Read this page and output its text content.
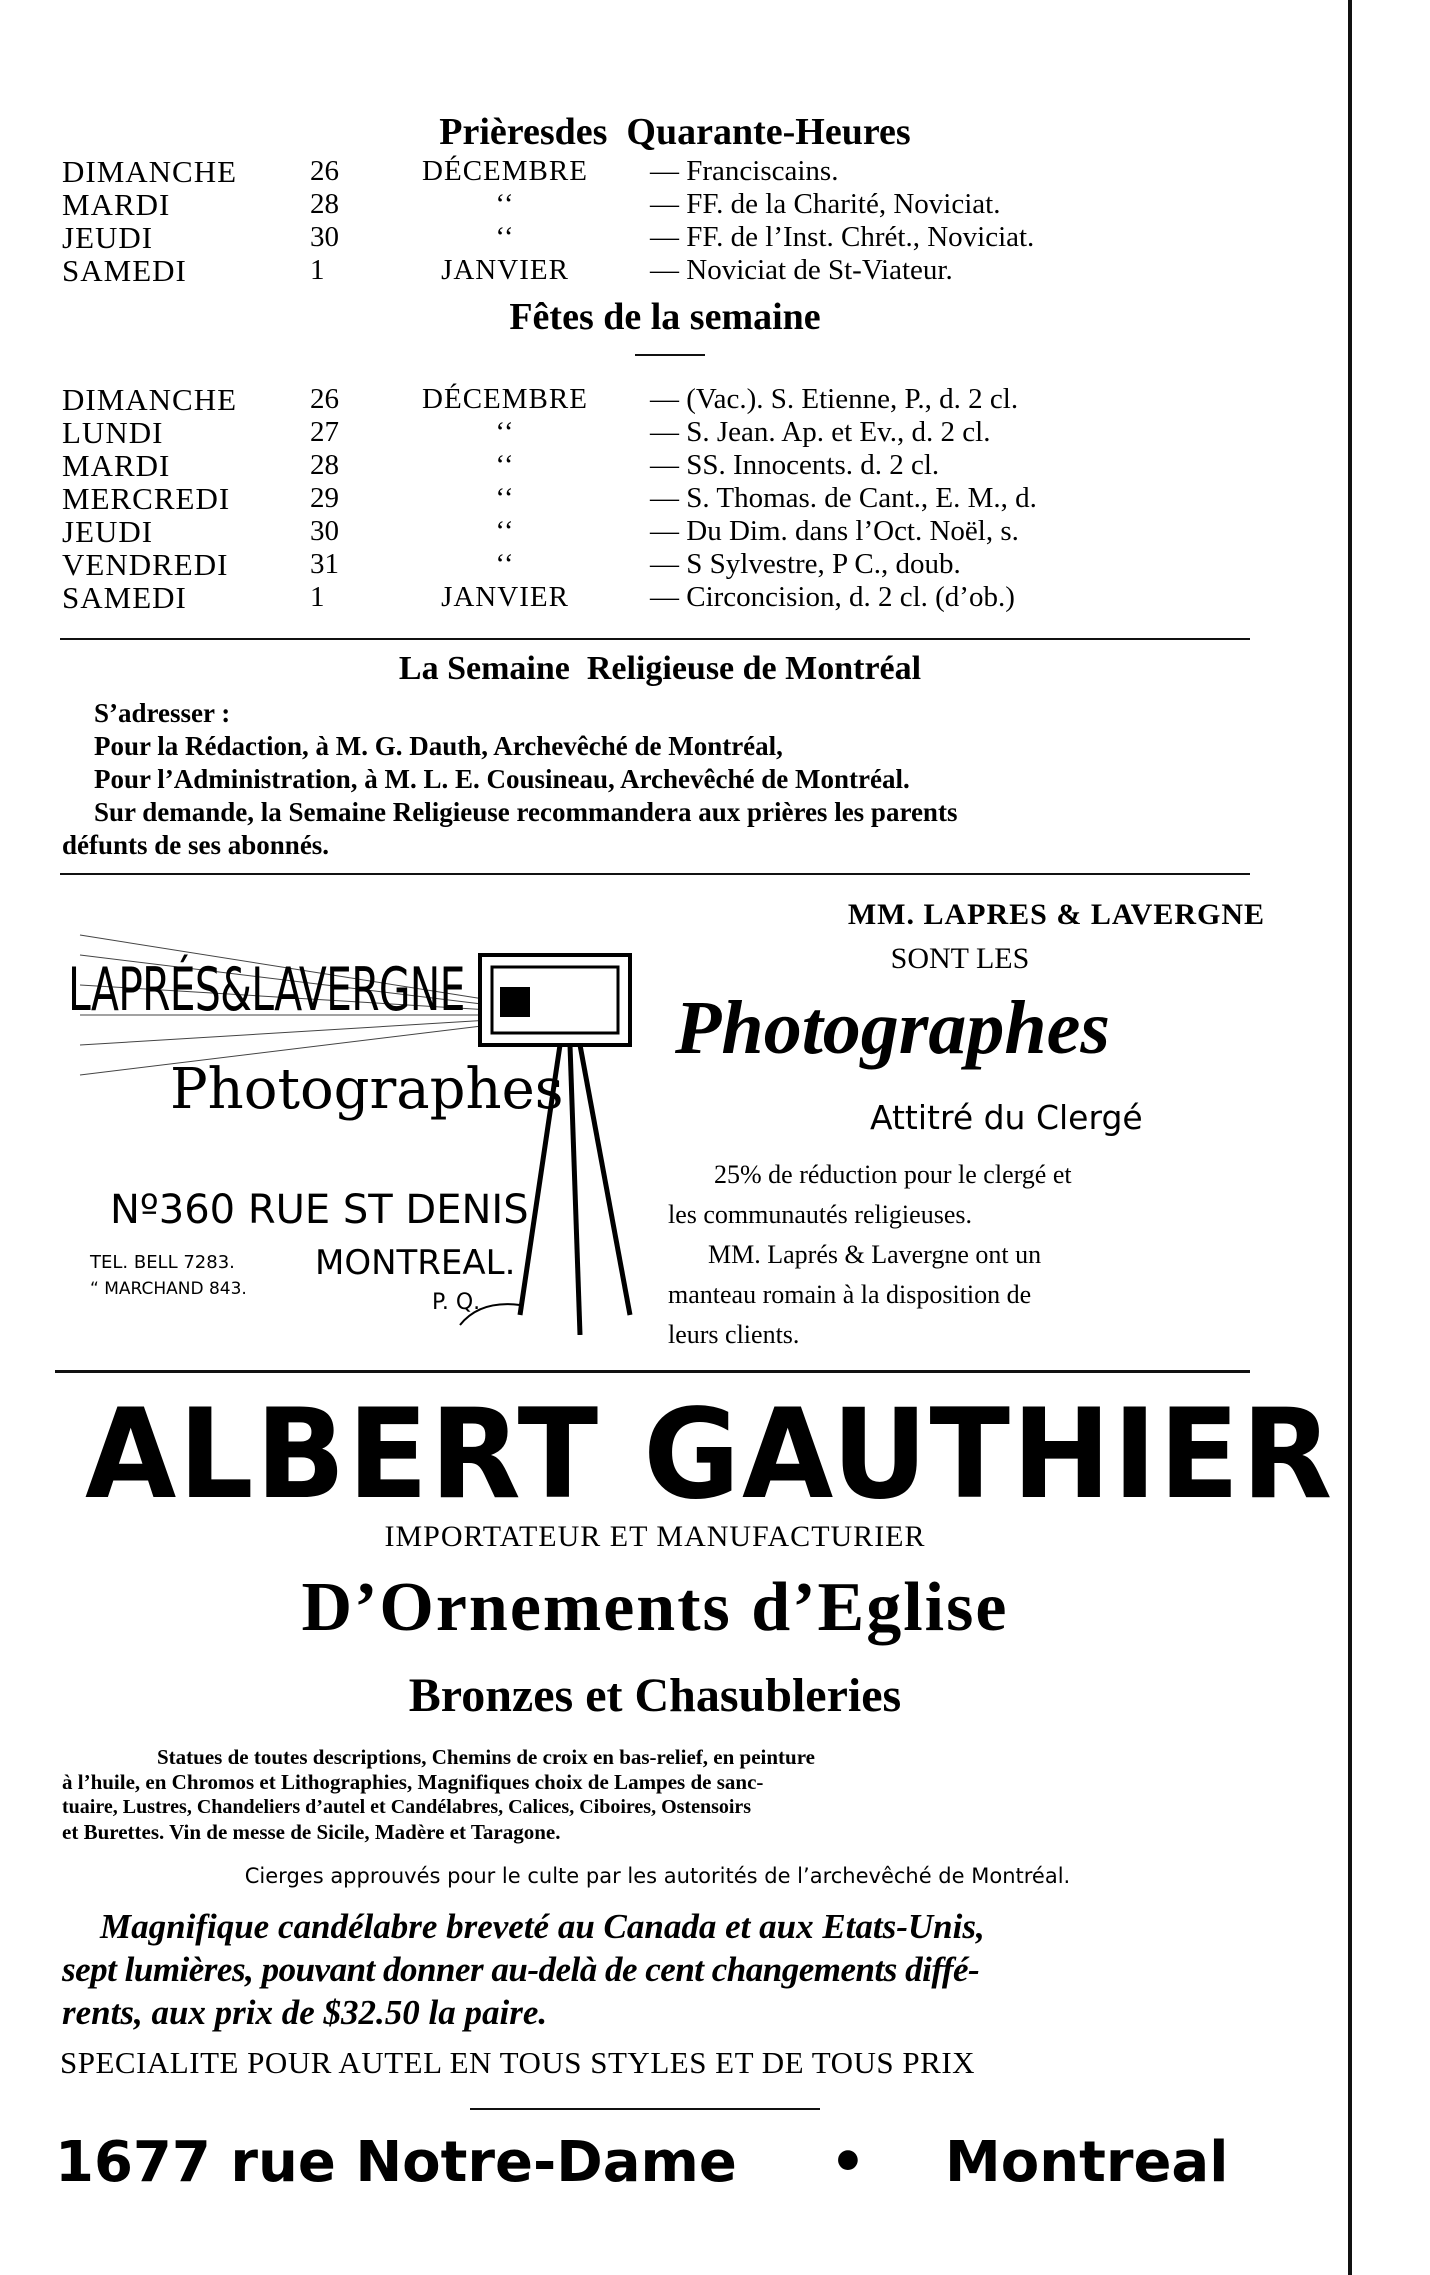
Prièresdes  Quarante-Heures
DIMANCHE	26	DÉCEMBRE	— Franciscains.
MARDI	28	‘‘	— FF. de la Charité, Noviciat.
JEUDI	30	‘‘	— FF. de l’Inst. Chrét., Noviciat.
SAMEDI	1	JANVIER	— Noviciat de St-Viateur.
Fêtes de la semaine
DIMANCHE	26	DÉCEMBRE	— (Vac.). S. Etienne, P., d. 2 cl.
LUNDI	27	‘‘	— S. Jean. Ap. et Ev., d. 2 cl.
MARDI	28	‘‘	— SS. Innocents. d. 2 cl.
MERCREDI	29	‘‘	— S. Thomas. de Cant., E. M., d.
JEUDI	30	‘‘	— Du Dim. dans l’Oct. Noël, s.
VENDREDI	31	‘‘	— S Sylvestre, P C., doub.
SAMEDI	1	JANVIER	— Circoncision, d. 2 cl. (d’ob.)
La Semaine  Religieuse de Montréal

S’adresser :

Pour la Rédaction, à M. G. Dauth, Archevêché de Montréal,

Pour l’Administration, à M. L. E. Cousineau, Archevêché de Montréal.

Sur demande, la Semaine Religieuse recommandera aux prières les parents

défunts de ses abonnés.

LAPRÉS&LAVERGNE
Photographes
Nº360 RUE ST DENIS
TEL. BELL 7283.
“ MARCHAND 843.
MONTREAL.
P. Q.
MM. LAPRES & LAVERGNE
SONT LES
Photographes
Attitré du Clergé

25% de réduction pour le clergé et

les communautés religieuses.

MM. Laprés & Lavergne ont un

manteau romain à la disposition de

leurs clients.

ALBERT GAUTHIER
IMPORTATEUR ET MANUFACTURIER
D’Ornements d’Eglise
Bronzes et Chasubleries
Statues de toutes descriptions, Chemins de croix en bas-relief, en peinture
à l’huile, en Chromos et Lithographies, Magnifiques choix de Lampes de sanc-
tuaire, Lustres, Chandeliers d’autel et Candélabres, Calices, Ciboires, Ostensoirs
et Burettes. Vin de messe de Sicile, Madère et Taragone.
Cierges approuvés pour le culte par les autorités de l’archevêché de Montréal.
Magnifique candélabre breveté au Canada et aux Etats-Unis,
sept lumières, pouvant donner au-delà de cent changements diffé-
rents, aux prix de $32.50 la paire.
SPECIALITE POUR AUTEL EN TOUS STYLES ET DE TOUS PRIX
1677 rue Notre-Dame • Montreal
